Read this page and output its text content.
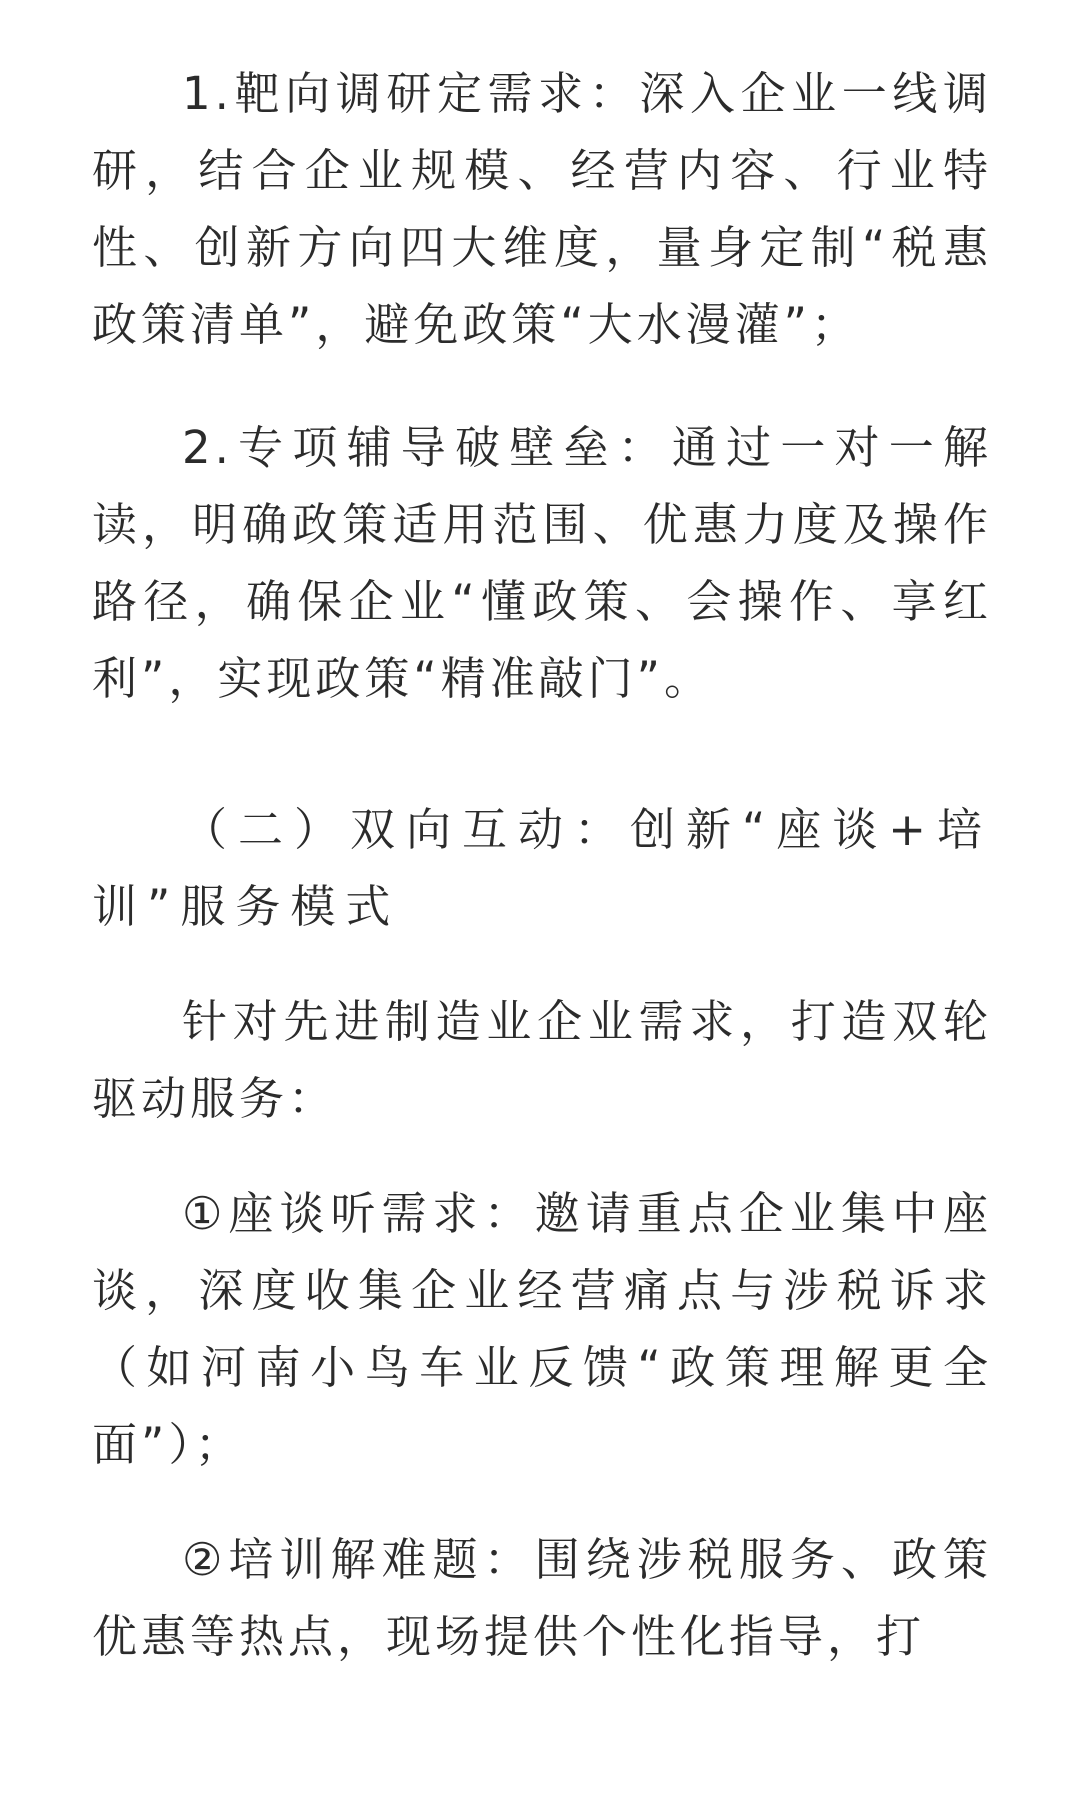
1.靶向调研定需求：深入企业一线调研，结合企业规模、经营内容、行业特性、创新方向四大维度，量身定制“税惠政策清单”，避免政策“大水漫灌”；

2.专项辅导破壁垒：通过一对一解读，明确政策适用范围、优惠力度及操作路径，确保企业“懂政策、会操作、享红利”，实现政策“精准敲门”。

（二）双向互动：创新“座谈+培训”服务模式

针对先进制造业企业需求，打造双轮驱动服务：

①座谈听需求：邀请重点企业集中座谈，深度收集企业经营痛点与涉税诉求（如河南小鸟车业反馈“政策理解更全面”）；

②培训解难题：围绕涉税服务、政策优惠等热点，现场提供个性化指导，打
